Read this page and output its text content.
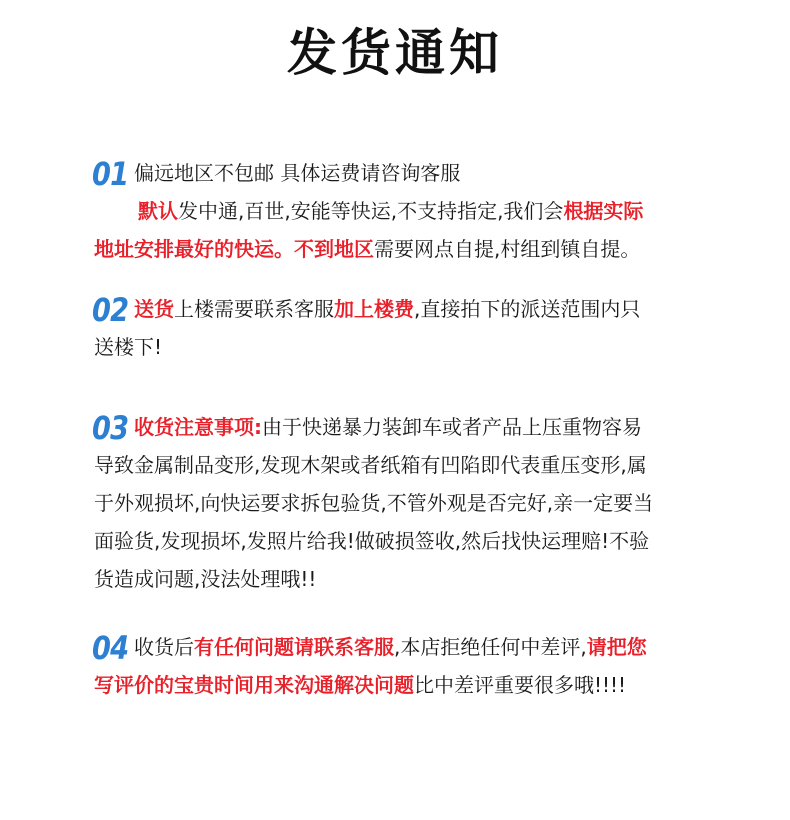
发货通知
01 偏远地区不包邮 具体运费请咨询客服
默认发中通,百世,安能等快运,不支持指定,我们会根据实际
地址安排最好的快运。不到地区需要网点自提,村组到镇自提。
02 送货上楼需要联系客服加上楼费,直接拍下的派送范围内只
送楼下!
03 收货注意事项:由于快递暴力装卸车或者产品上压重物容易
导致金属制品变形,发现木架或者纸箱有凹陷即代表重压变形,属
于外观损坏,向快运要求拆包验货,不管外观是否完好,亲一定要当
面验货,发现损坏,发照片给我!做破损签收,然后找快运理赔!不验
货造成问题,没法处理哦!!
04 收货后有任何问题请联系客服,本店拒绝任何中差评,请把您
写评价的宝贵时间用来沟通解决问题比中差评重要很多哦!!!!
